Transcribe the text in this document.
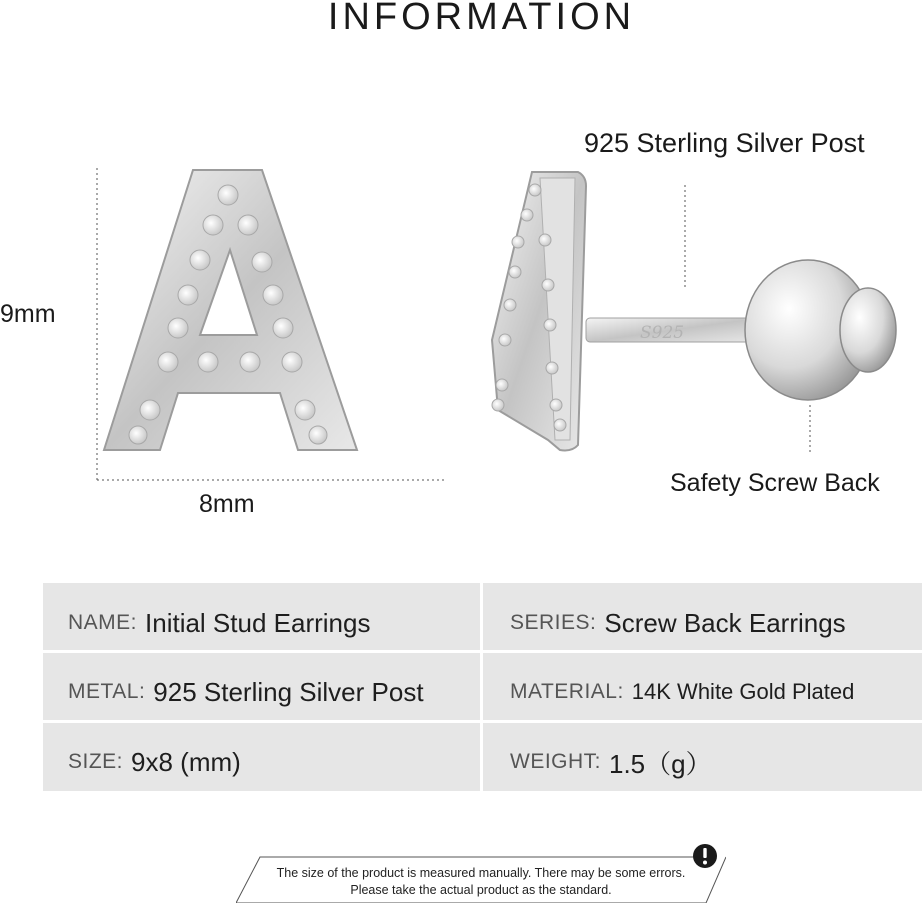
INFORMATION
S925
9mm
8mm
925 Sterling Silver Post
Safety Screw Back
NAME: Initial Stud Earrings	SERIES: Screw Back Earrings
METAL: 925 Sterling Silver Post	MATERIAL: 14K White Gold Plated
SIZE: 9x8 (mm)	WEIGHT: 1.5（g）
The size of the product is measured manually. There may be some errors.
Please take the actual product as the standard.
